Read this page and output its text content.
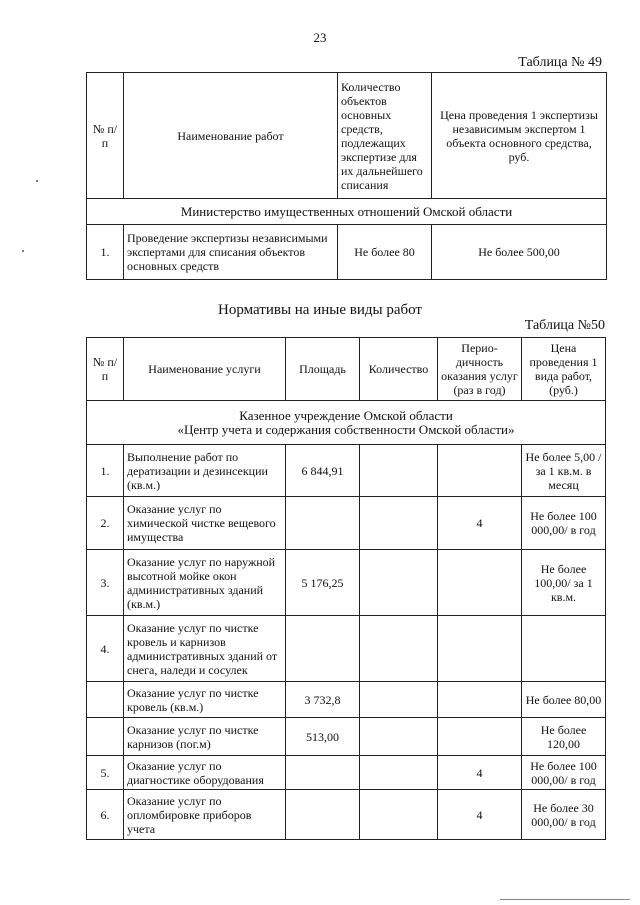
23
Таблица № 49
№ п/п	Наименование работ	Количество объектов основных средств, подлежащих экспертизе для их дальнейшего списания	Цена проведения 1 экспертизы независимым экспертом 1 объекта основного средства, руб.
Министерство имущественных отношений Омской области			
1.	Проведение экспертизы независимыми экспертами для списания объектов основных средств	Не более 80	Не более 500,00
Нормативы на иные виды работ
Таблица №50
№ п/п	Наименование услуги	Площадь	Количество	Перио-дичность оказания услуг (раз в год)	Цена проведения 1 вида работ, (руб.)

Казенное учреждение Омской области
«Центр учета и содержания собственности Омской области»					

1.	Выполнение работ по дератизации и дезинсекции (кв.м.)	6 844,91			Не более 5,00 / за 1 кв.м. в месяц
2.	Оказание услуг по химической чистке вещевого имущества			4	Не более 100 000,00/ в год
3.	Оказание услуг по наружной высотной мойке окон административных зданий (кв.м.)	5 176,25			Не более 100,00/ за 1 кв.м.
4.	Оказание услуг по чистке кровель и карнизов административных зданий от снега, наледи и сосулек				
	Оказание услуг по чистке кровель (кв.м.)	3 732,8			Не более 80,00
	Оказание услуг по чистке карнизов (пог.м)	513,00			Не более 120,00
5.	Оказание услуг по диагностике оборудования			4	Не более 100 000,00/ в год
6.	Оказание услуг по опломбировке приборов учета			4	Не более 30 000,00/ в год
